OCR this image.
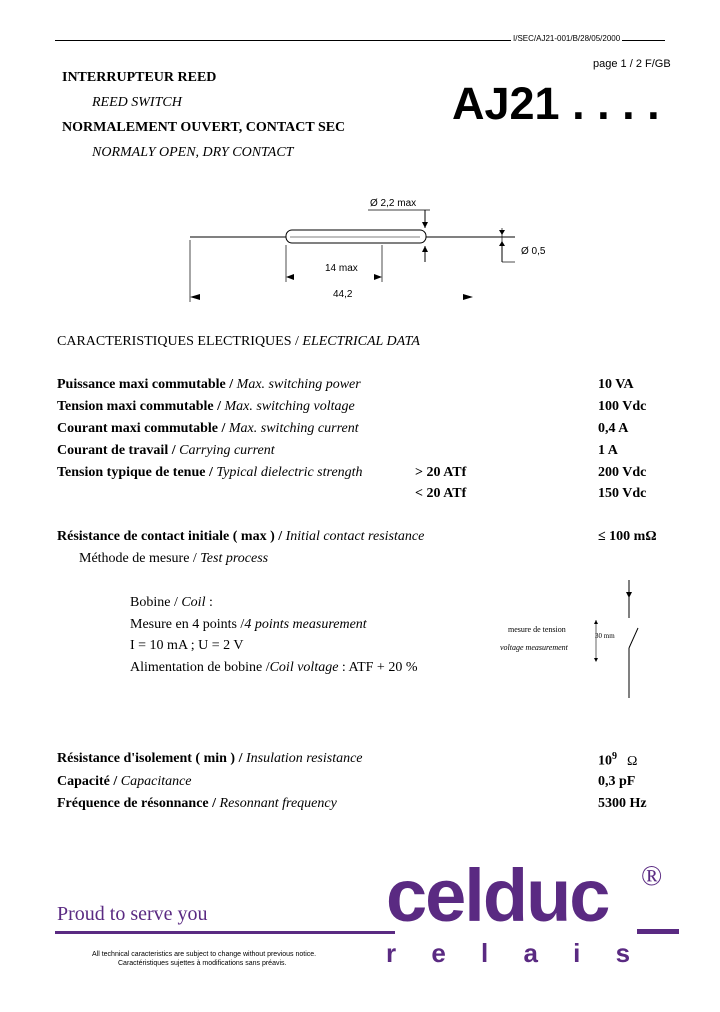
I/SEC/AJ21-001/B/28/05/2000
page 1 / 2 F/GB
INTERRUPTEUR REED
REED SWITCH
NORMALEMENT OUVERT, CONTACT SEC
NORMALY OPEN, DRY CONTACT
AJ21 . . . .
Ø 2,2 max
Ø 0,5
14 max
44,2
CARACTERISTIQUES ELECTRIQUES / ELECTRICAL DATA
Puissance maxi commutable / Max. switching power	10 VA
Tension maxi commutable / Max. switching voltage	100 Vdc
Courant maxi commutable / Max. switching current	0,4 A
Courant de travail / Carrying current	1 A
Tension typique de tenue / Typical dielectric strength	> 20 ATf	200 Vdc
< 20 ATf	150 Vdc
Résistance de contact initiale ( max ) / Initial contact resistance	≤ 100 mΩ
Méthode de mesure / Test process
Bobine / Coil :
Mesure en 4 points /4 points measurement
I = 10 mA ; U = 2 V
Alimentation de bobine /Coil voltage : ATF + 20 %
mesure de tension
voltage measurement
30 mm
Résistance d'isolement ( min ) / Insulation resistance	$10^9$ Ω
Capacité / Capacitance	0,3 pF
Fréquence de résonnance / Resonnant frequency	5300 Hz
Proud to serve you celduc ®
r e l a i s
All technical caracteristics are subject to change without previous notice.
Caractéristiques sujettes à modifications sans préavis.
